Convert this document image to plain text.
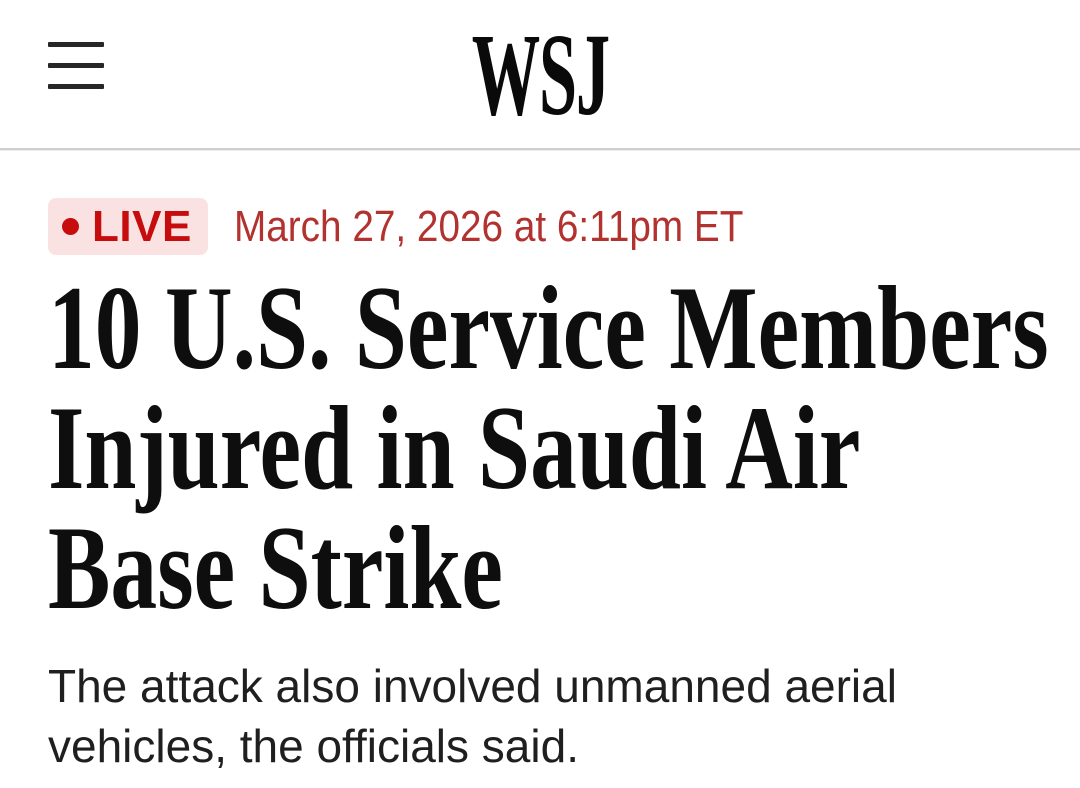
WSJ
LIVE March 27, 2026 at 6:11pm ET
10 U.S. Service Members
Injured in Saudi Air
Base Strike

The attack also involved unmanned aerial
vehicles, the officials said.
